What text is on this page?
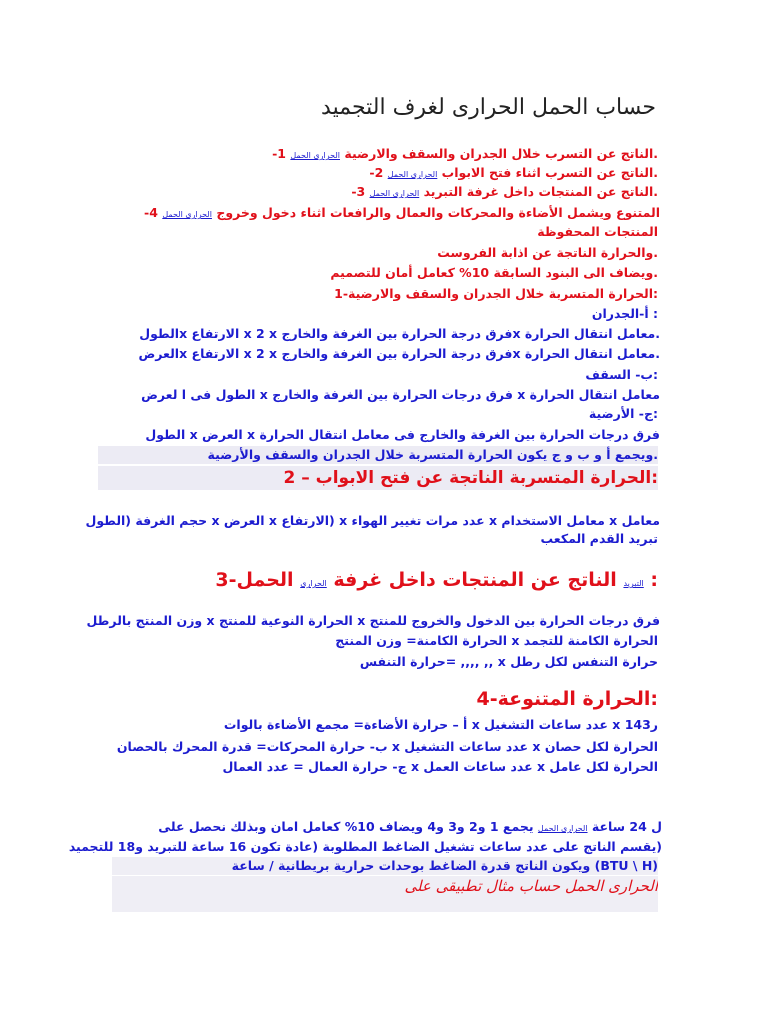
حساب الحمل الحرارى لغرف التجميد
.الناتج عن التسرب خلال الجدران والسقف والارضية الحرارى الحمل 1-
.الناتج عن التسرب اثناء فتح الابواب الحرارى الحمل 2-
.الناتج عن المنتجات داخل غرفة التبريد الحرارى الحمل 3-
المتنوع ويشمل الأضاءة والمحركات والعمال والرافعات اثناء دخول وخروج الحرارى الحمل 4-
المنتجات المحفوظة
.والحرارة الناتجة عن اذابة الفروست
.ويضاف الى البنود السابقة 10% كعامل أمان للتصميم
:الحرارة المتسربة خلال الجدران والسقف والارضية-1
: أ-الجدران
.معامل انتقال الحرارة xفرق درجة الحرارة بين الغرفة والخارج x 2 x الارتفاع xالطول
.معامل انتقال الحرارة xفرق درجة الحرارة بين الغرفة والخارج x 2 x الارتفاع xالعرض
:ب- السقف
معامل انتقال الحرارة x فرق درجات الحرارة بين الغرفة والخارج x الطول فى ا لعرض
:ج- الأرضية
فرق درجات الحرارة بين الغرفة والخارج فى معامل انتقال الحرارة x العرض x الطول
.ويجمع أ و ب و ج يكون الحرارة المتسربة خلال الجدران والسقف والأرضية
:الحرارة المتسربة الناتجة عن فتح الابواب – 2
معامل x معامل الاستخدام x عدد مرات تغيير الهواء x (الارتفاع x العرض x حجم الغرفة (الطول
تبريد القدم المكعب
: التبريد الناتج عن المنتجات داخل غرفة الحرارى الحمل-3
فرق درجات الحرارة بين الدخول والخروج للمنتج x الحرارة النوعية للمنتج x وزن المنتج بالرطل
الحرارة الكامنة للتجمد x الحرارة الكامنة= وزن المنتج
حرارة التنفس لكل رطل x ,, ,,,, =حرارة التنفس
:الحرارة المتنوعة-4
ر143 x عدد ساعات التشغيل x أ – حرارة الأضاءة= مجمع الأضاءة بالوات
الحرارة لكل حصان x عدد ساعات التشغيل x ب- حرارة المحركات= قدرة المحرك بالحصان
الحرارة لكل عامل x عدد ساعات العمل x ج- حرارة العمال = عدد العمال
ل 24 ساعة الحرارى الحمل يجمع 1 و2 و3 و4 ويضاف 10% كعامل امان وبذلك نحصل على
(يقسم الناتج على عدد ساعات تشغيل الضاغط المطلوبة (عادة تكون 16 ساعة للتبريد و18 للتجميد
(BTU \ H) ويكون الناتج قدرة الضاغط بوحدات حرارية بريطانية / ساعة
الحرارى الحمل حساب مثال تطبيقى على
